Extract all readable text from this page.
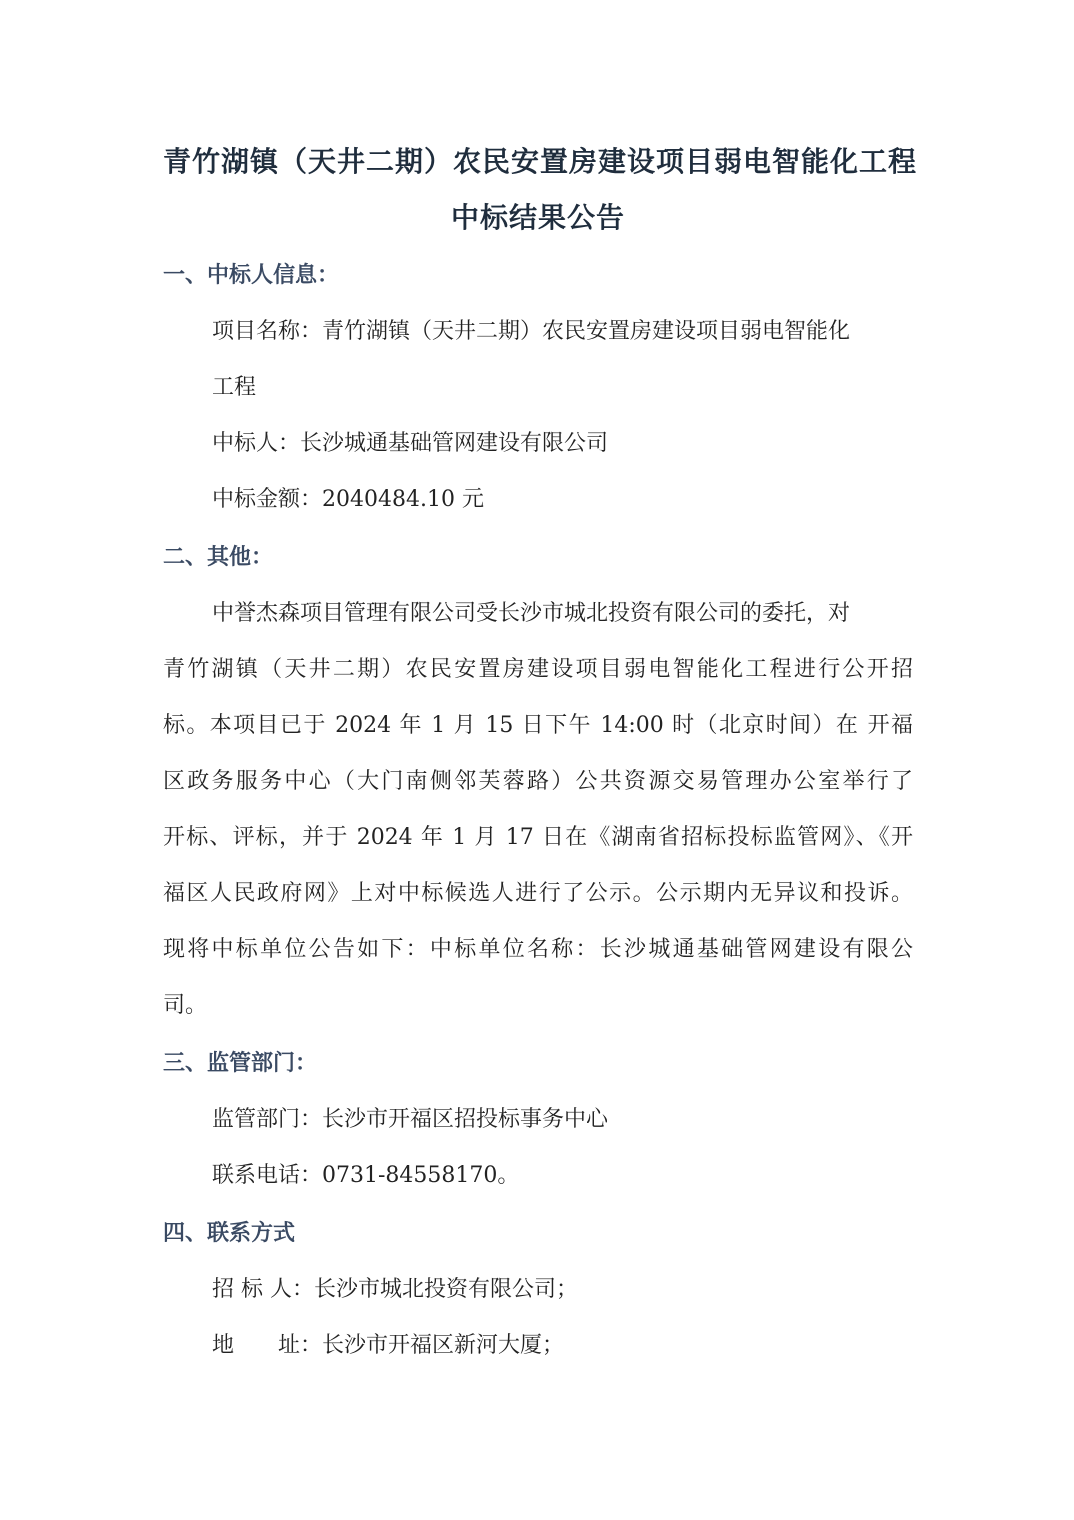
青竹湖镇（天井二期）农民安置房建设项目弱电智能化工程
中标结果公告
一、中标人信息：
项目名称：青竹湖镇（天井二期）农民安置房建设项目弱电智能化
工程
中标人：长沙城通基础管网建设有限公司
中标金额：2040484.10 元
二、其他：
中誉杰森项目管理有限公司受长沙市城北投资有限公司的委托，对
青竹湖镇（天井二期）农民安置房建设项目弱电智能化工程进行公开招
标。本项目已于 2024 年 1 月 15 日下午 14:00 时（北京时间）在 开福
区政务服务中心（大门南侧邻芙蓉路）公共资源交易管理办公室举行了
开标、评标，并于 2024 年 1 月 17 日在《湖南省招标投标监管网》、《开
福区人民政府网》上对中标候选人进行了公示。公示期内无异议和投诉。
现将中标单位公告如下：中标单位名称：长沙城通基础管网建设有限公
司。
三、监管部门：
监管部门：长沙市开福区招投标事务中心
联系电话：0731-84558170。
四、联系方式
招 标 人：长沙市城北投资有限公司；
地　　址：长沙市开福区新河大厦；
